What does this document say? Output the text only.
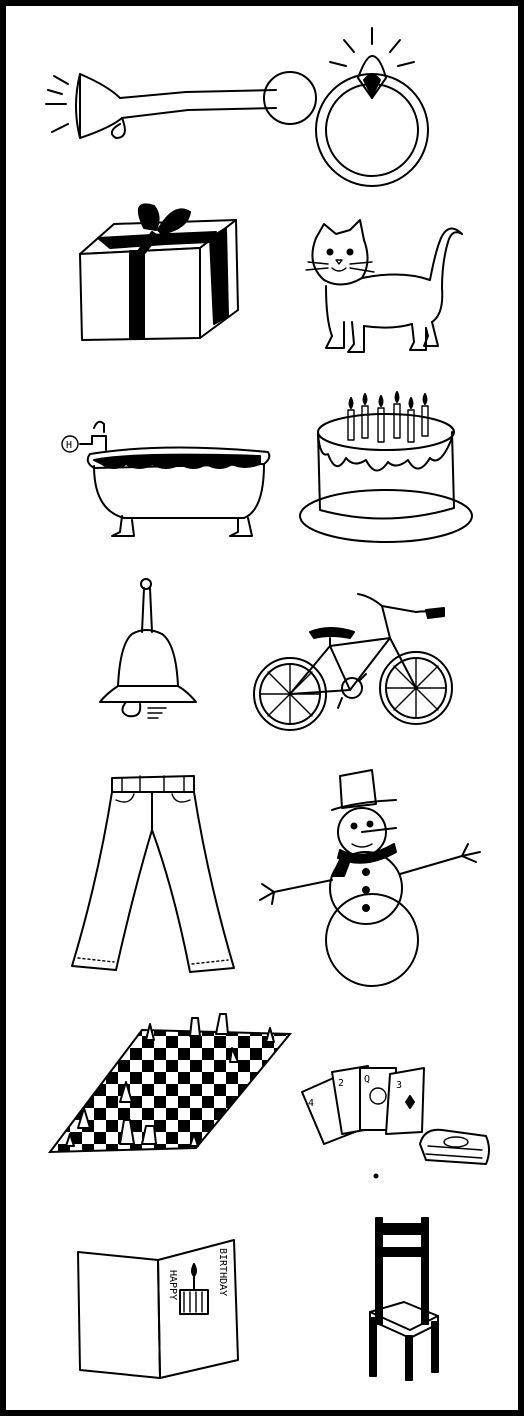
H
4
2 Q
3
HAPPY	BIRTHDAY
